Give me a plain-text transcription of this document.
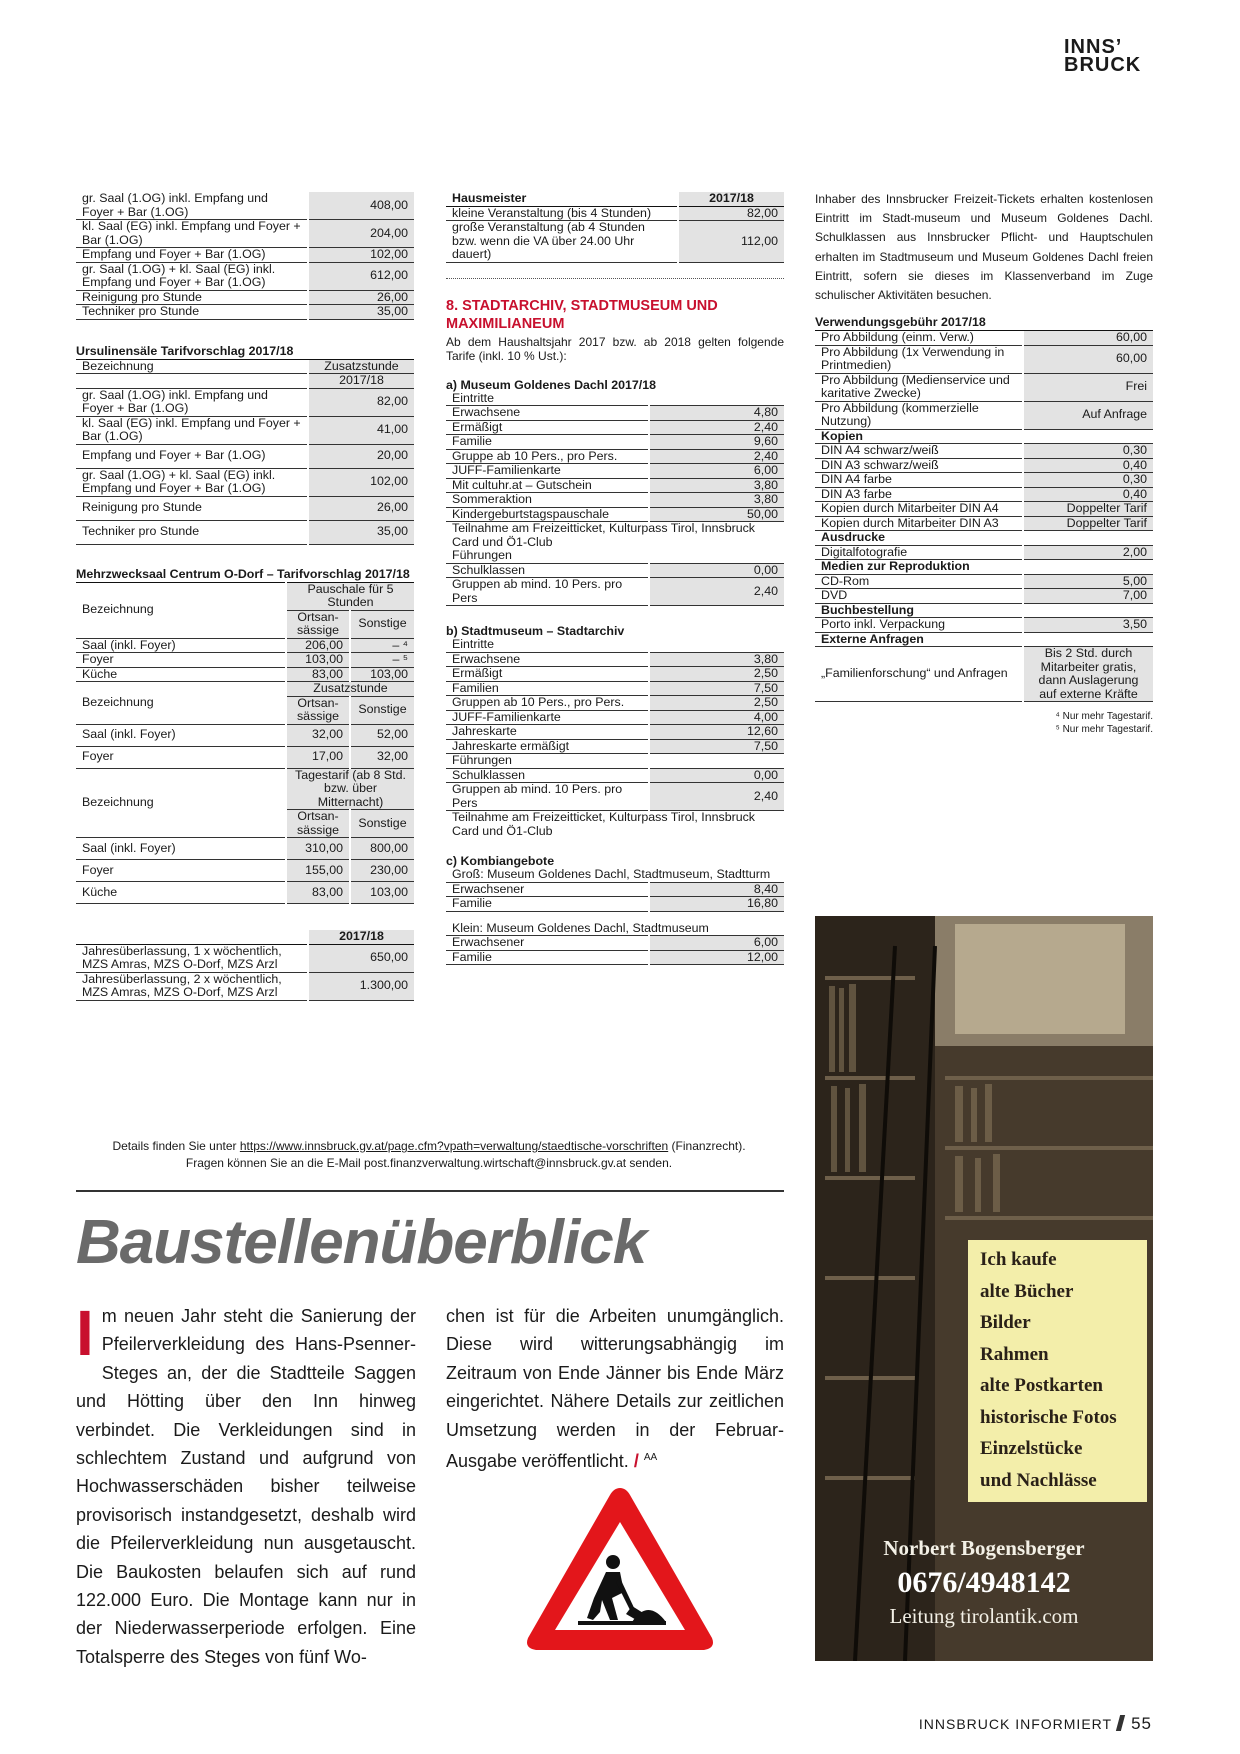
INNS’
BRUCK
gr. Saal (1.OG) inkl. Empfang und Foyer + Bar (1.OG)	408,00
kl. Saal (EG) inkl. Empfang und Foyer + Bar (1.OG)	204,00
Empfang und Foyer + Bar (1.OG)	102,00
gr. Saal (1.OG) + kl. Saal (EG) inkl. Empfang und Foyer + Bar (1.OG)	612,00
Reinigung pro Stunde	26,00
Techniker pro Stunde	35,00
Ursulinensäle Tarifvorschlag 2017/18
Bezeichnung	Zusatzstunde
	2017/18
gr. Saal (1.OG) inkl. Empfang und Foyer + Bar (1.OG)	82,00
kl. Saal (EG) inkl. Empfang und Foyer + Bar (1.OG)	41,00
Empfang und Foyer + Bar (1.OG)	20,00
gr. Saal (1.OG) + kl. Saal (EG) inkl. Empfang und Foyer + Bar (1.OG)	102,00
Reinigung pro Stunde	26,00
Techniker pro Stunde	35,00
Mehrzwecksaal Centrum O-Dorf – Tarifvorschlag 2017/18
Bezeichnung	Pauschale für 5 Stunden	
	Ortsan-sässige	Sonstige
Saal (inkl. Foyer)	206,00	– ⁴
Foyer	103,00	– ⁵
Küche	83,00	103,00
Bezeichnung	Zusatzstunde	
	Ortsan-sässige	Sonstige
Saal (inkl. Foyer)	32,00	52,00
Foyer	17,00	32,00
Bezeichnung	Tagestarif (ab 8 Std. bzw. über Mitternacht)	
	Ortsan-sässige	Sonstige
Saal (inkl. Foyer)	310,00	800,00
Foyer	155,00	230,00
Küche	83,00	103,00
	2017/18
Jahresüberlassung, 1 x wöchentlich, MZS Amras, MZS O-Dorf, MZS Arzl	650,00
Jahresüberlassung, 2 x wöchentlich, MZS Amras, MZS O-Dorf, MZS Arzl	1.300,00
Hausmeister	2017/18
kleine Veranstaltung (bis 4 Stunden)	82,00
große Veranstaltung (ab 4 Stunden bzw. wenn die VA über 24.00 Uhr dauert)	112,00
8. STADTARCHIV, STADTMUSEUM UND MAXIMILIANEUM
Ab dem Haushaltsjahr 2017 bzw. ab 2018 gelten folgende Tarife (inkl. 10 % Ust.):
a) Museum Goldenes Dachl 2017/18
Eintritte	
Erwachsene	4,80
Ermäßigt	2,40
Familie	9,60
Gruppe ab 10 Pers., pro Pers.	2,40
JUFF-Familienkarte	6,00
Mit cultuhr.at – Gutschein	3,80
Sommeraktion	3,80
Kindergeburtstagspauschale	50,00
Teilnahme am Freizeitticket, Kulturpass Tirol, Innsbruck Card und Ö1-Club	
Führungen	
Schulklassen	0,00
Gruppen ab mind. 10 Pers. pro Pers	2,40
b) Stadtmuseum – Stadtarchiv
Eintritte	
Erwachsene	3,80
Ermäßigt	2,50
Familien	7,50
Gruppen ab 10 Pers., pro Pers.	2,50
JUFF-Familienkarte	4,00
Jahreskarte	12,60
Jahreskarte ermäßigt	7,50
Führungen	
Schulklassen	0,00
Gruppen ab mind. 10 Pers. pro Pers	2,40
Teilnahme am Freizeitticket, Kulturpass Tirol, Innsbruck Card und Ö1-Club	
c) Kombiangebote
Groß: Museum Goldenes Dachl, Stadtmuseum, Stadtturm	
Erwachsener	8,40
Familie	16,80
Klein: Museum Goldenes Dachl, Stadtmuseum	
Erwachsener	6,00
Familie	12,00
Inhaber des Innsbrucker Freizeit-Tickets erhalten kostenlosen Eintritt im Stadt-museum und Museum Goldenes Dachl. Schulklassen aus Innsbrucker Pflicht- und Hauptschulen erhalten im Stadtmuseum und Museum Goldenes Dachl freien Eintritt, sofern sie dieses im Klassenverband im Zuge schulischer Aktivitäten besuchen.
Verwendungsgebühr 2017/18
Pro Abbildung (einm. Verw.)	60,00
Pro Abbildung (1x Verwendung in Printmedien)	60,00
Pro Abbildung (Medienservice und karitative Zwecke)	Frei
Pro Abbildung (kommerzielle Nutzung)	Auf Anfrage
Kopien	
DIN A4 schwarz/weiß	0,30
DIN A3 schwarz/weiß	0,40
DIN A4 farbe	0,30
DIN A3 farbe	0,40
Kopien durch Mitarbeiter DIN A4	Doppelter Tarif
Kopien durch Mitarbeiter DIN A3	Doppelter Tarif
Ausdrucke	
Digitalfotografie	2,00
Medien zur Reproduktion	
CD-Rom	5,00
DVD	7,00
Buchbestellung	
Porto inkl. Verpackung	3,50
Externe Anfragen	
„Familienforschung“ und Anfragen	Bis 2 Std. durch Mitarbeiter gratis, dann Auslagerung auf externe Kräfte
⁴ Nur mehr Tagestarif.
⁵ Nur mehr Tagestarif.
Details finden Sie unter https://www.innsbruck.gv.at/page.cfm?vpath=verwaltung/staedtische-vorschriften (Finanzrecht).
Fragen können Sie an die E-Mail post.finanzverwaltung.wirtschaft@innsbruck.gv.at senden.
Baustellenüberblick
Im neuen Jahr steht die Sanierung der Pfeilerverkleidung des Hans-Psenner-Steges an, der die Stadtteile Saggen und Hötting über den Inn hinweg verbindet. Die Verkleidungen sind in schlechtem Zustand und aufgrund von Hochwasserschäden bisher teilweise provisorisch instandgesetzt, deshalb wird die Pfeilerverkleidung nun ausgetauscht. Die Baukosten belaufen sich auf rund 122.000 Euro. Die Montage kann nur in der Niederwasserperiode erfolgen. Eine Totalsperre des Steges von fünf Wo-
chen ist für die Arbeiten unumgänglich. Diese wird witterungsabhängig im Zeitraum von Ende Jänner bis Ende März eingerichtet. Nähere Details zur zeitlichen Umsetzung werden in der Februar-Ausgabe veröffentlicht. / $^{AA}$
Ich kaufe
alte Bücher
Bilder
Rahmen
alte Postkarten
historische Fotos
Einzelstücke
und Nachlässe
Norbert Bogensberger
0676/4948142
Leitung tirolantik.com
INNSBRUCK INFORMIERT 55
